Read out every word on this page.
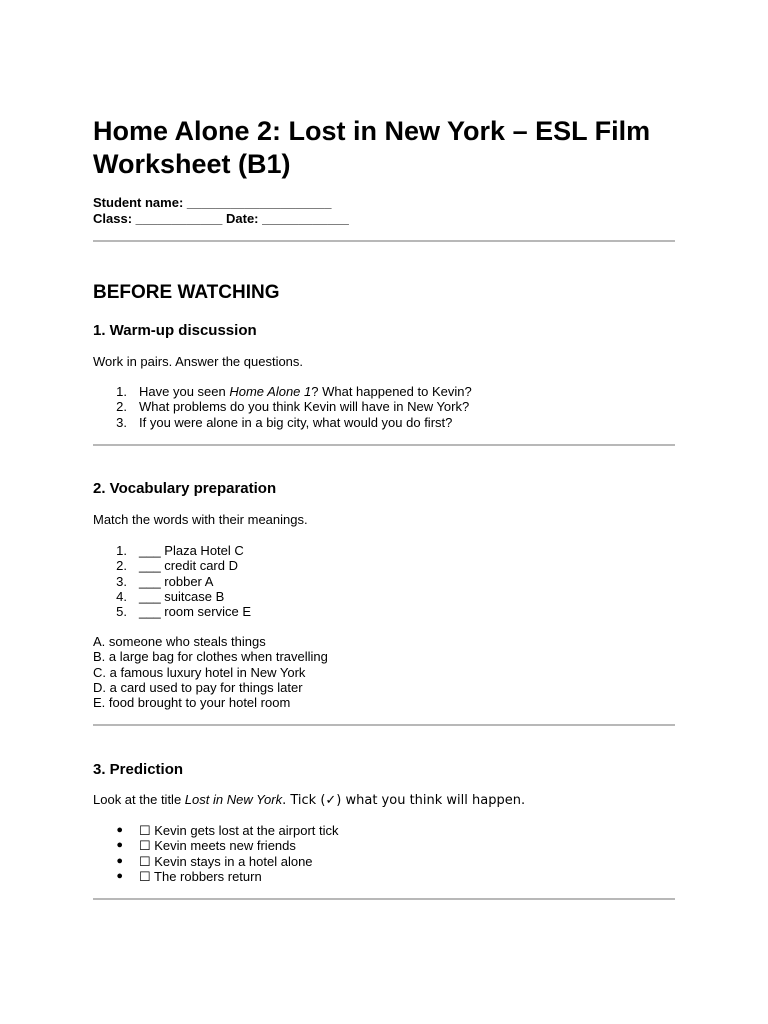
Home Alone 2: Lost in New York – ESL Film Worksheet (B1)
Student name: ____________________
Class: ____________ Date: ____________
BEFORE WATCHING
1. Warm-up discussion

Work in pairs. Answer the questions.

1. Have you seen Home Alone 1? What happened to Kevin?
2. What problems do you think Kevin will have in New York?
3. If you were alone in a big city, what would you do first?
2. Vocabulary preparation

Match the words with their meanings.

1. ___ Plaza Hotel C
2. ___ credit card D
3. ___ robber A
4. ___ suitcase B
5. ___ room service E
A. someone who steals things
B. a large bag for clothes when travelling
C. a famous luxury hotel in New York
D. a card used to pay for things later
E. food brought to your hotel room
3. Prediction

Look at the title Lost in New York. Tick (✓) what you think will happen.

● ☐ Kevin gets lost at the airport tick
● ☐ Kevin meets new friends
● ☐ Kevin stays in a hotel alone
● ☐ The robbers return
